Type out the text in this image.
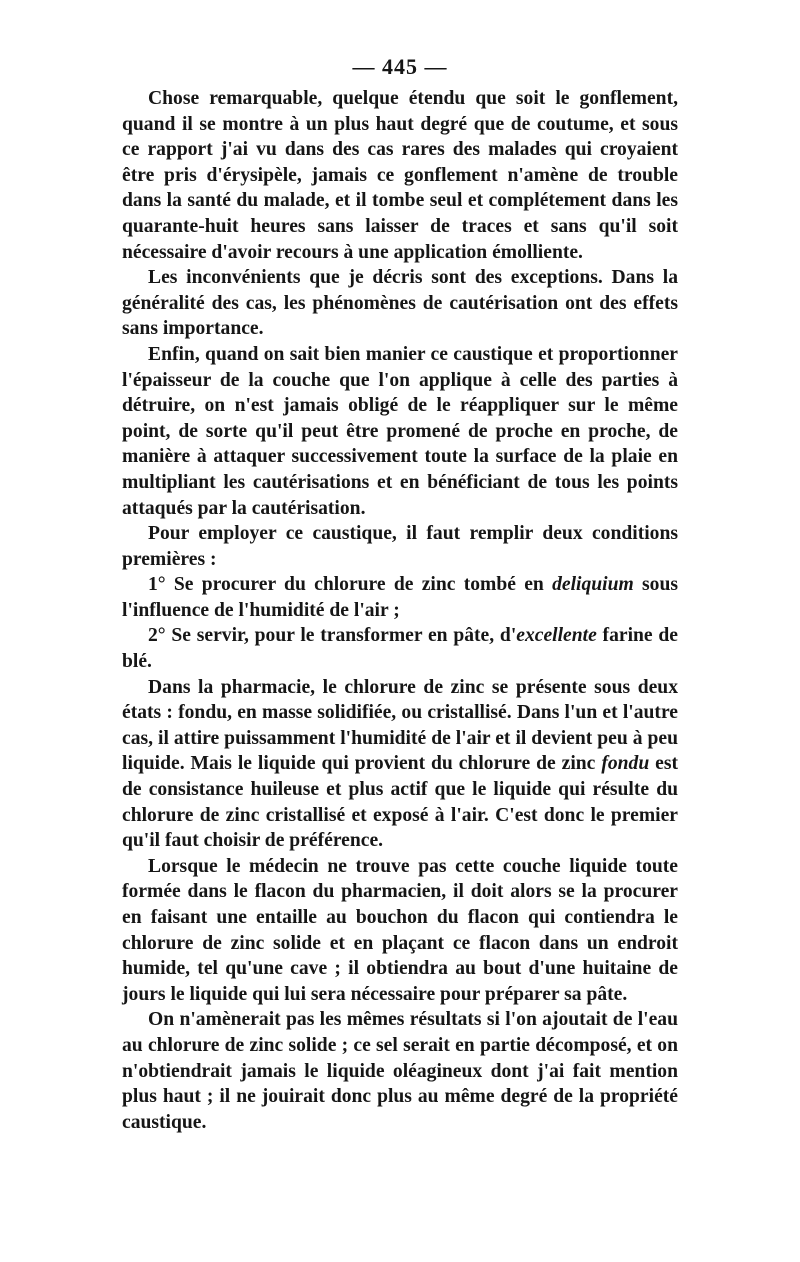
— 445 —

Chose remarquable, quelque étendu que soit le gonflement, quand il se montre à un plus haut degré que de coutume, et sous ce rapport j'ai vu dans des cas rares des malades qui croyaient être pris d'érysipèle, jamais ce gonflement n'amène de trouble dans la santé du malade, et il tombe seul et complétement dans les quarante-huit heures sans laisser de traces et sans qu'il soit nécessaire d'avoir recours à une application émolliente.

Les inconvénients que je décris sont des exceptions. Dans la généralité des cas, les phénomènes de cautérisation ont des effets sans importance.

Enfin, quand on sait bien manier ce caustique et proportionner l'épaisseur de la couche que l'on applique à celle des parties à détruire, on n'est jamais obligé de le réappliquer sur le même point, de sorte qu'il peut être promené de proche en proche, de manière à attaquer successivement toute la surface de la plaie en multipliant les cautérisations et en bénéficiant de tous les points attaqués par la cautérisation.

Pour employer ce caustique, il faut remplir deux conditions premières :

1° Se procurer du chlorure de zinc tombé en deliquium sous l'influence de l'humidité de l'air ;

2° Se servir, pour le transformer en pâte, d'excellente farine de blé.

Dans la pharmacie, le chlorure de zinc se présente sous deux états : fondu, en masse solidifiée, ou cristallisé. Dans l'un et l'autre cas, il attire puissamment l'humidité de l'air et il devient peu à peu liquide. Mais le liquide qui provient du chlorure de zinc fondu est de consistance huileuse et plus actif que le liquide qui résulte du chlorure de zinc cristallisé et exposé à l'air. C'est donc le premier qu'il faut choisir de préférence.

Lorsque le médecin ne trouve pas cette couche liquide toute formée dans le flacon du pharmacien, il doit alors se la procurer en faisant une entaille au bouchon du flacon qui contiendra le chlorure de zinc solide et en plaçant ce flacon dans un endroit humide, tel qu'une cave ; il obtiendra au bout d'une huitaine de jours le liquide qui lui sera nécessaire pour préparer sa pâte.

On n'amènerait pas les mêmes résultats si l'on ajoutait de l'eau au chlorure de zinc solide ; ce sel serait en partie décomposé, et on n'obtiendrait jamais le liquide oléagineux dont j'ai fait mention plus haut ; il ne jouirait donc plus au même degré de la propriété caustique.
